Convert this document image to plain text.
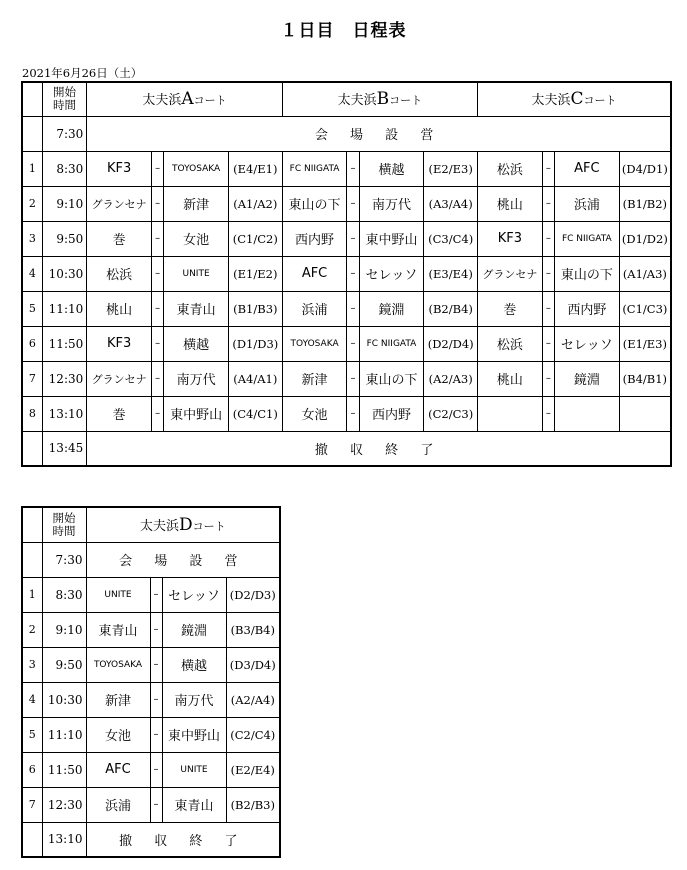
１日目　日程表
2021年6月26日（土）
	開始
時間	太夫浜Aコート				太夫浜Bコート				太夫浜Cコート			
	7:30	会 場 設 営											
1	8:30	KF3	–	TOYOSAKA	(E4/E1)	FC NIIGATA	–	横越	(E2/E3)	松浜	–	AFC	(D4/D1)
2	9:10	グランセナ	–	新津	(A1/A2)	東山の下	–	南万代	(A3/A4)	桃山	–	浜浦	(B1/B2)
3	9:50	巻	–	女池	(C1/C2)	西内野	–	東中野山	(C3/C4)	KF3	–	FC NIIGATA	(D1/D2)
4	10:30	松浜	–	UNITE	(E1/E2)	AFC	–	セレッソ	(E3/E4)	グランセナ	–	東山の下	(A1/A3)
5	11:10	桃山	–	東青山	(B1/B3)	浜浦	–	鏡淵	(B2/B4)	巻	–	西内野	(C1/C3)
6	11:50	KF3	–	横越	(D1/D3)	TOYOSAKA	–	FC NIIGATA	(D2/D4)	松浜	–	セレッソ	(E1/E3)
7	12:30	グランセナ	–	南万代	(A4/A1)	新津	–	東山の下	(A2/A3)	桃山	–	鏡淵	(B4/B1)
8	13:10	巻	–	東中野山	(C4/C1)	女池	–	西内野	(C2/C3)		–		
	13:45	撤 収 終 了											
	開始
時間	太夫浜Dコート			
	7:30	会 場 設 営			
1	8:30	UNITE	–	セレッソ	(D2/D3)
2	9:10	東青山	–	鏡淵	(B3/B4)
3	9:50	TOYOSAKA	–	横越	(D3/D4)
4	10:30	新津	–	南万代	(A2/A4)
5	11:10	女池	–	東中野山	(C2/C4)
6	11:50	AFC	–	UNITE	(E2/E4)
7	12:30	浜浦	–	東青山	(B2/B3)
	13:10	撤 収 終 了			
